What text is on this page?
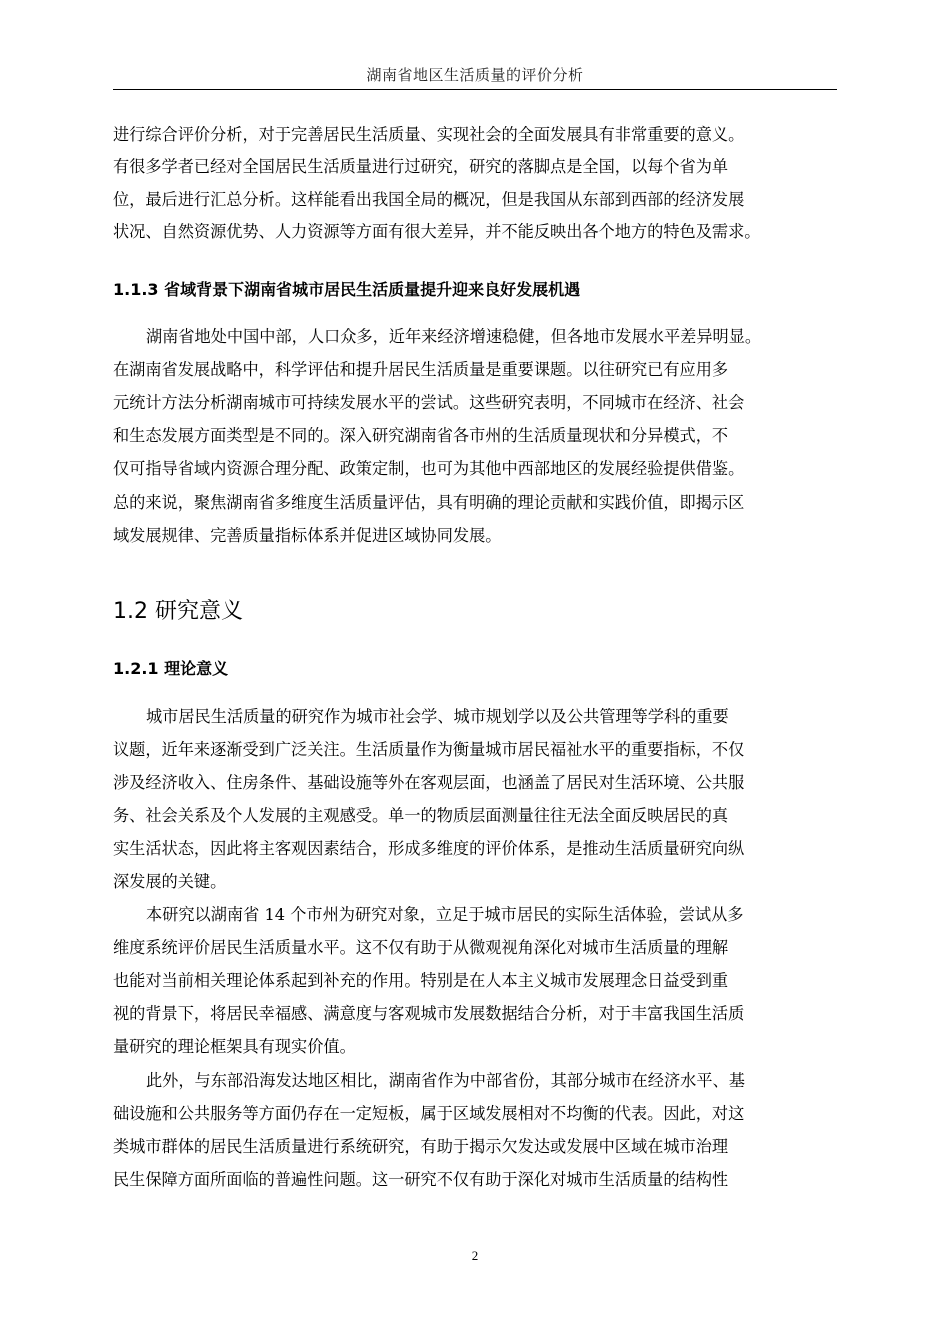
湖南省地区生活质量的评价分析
进行综合评价分析，对于完善居民生活质量、实现社会的全面发展具有非常重要的意义。
有很多学者已经对全国居民生活质量进行过研究，研究的落脚点是全国，以每个省为单
位，最后进行汇总分析。这样能看出我国全局的概况，但是我国从东部到西部的经济发展
状况、自然资源优势、人力资源等方面有很大差异，并不能反映出各个地方的特色及需求。
1.1.3 省域背景下湖南省城市居民生活质量提升迎来良好发展机遇
湖南省地处中国中部，人口众多，近年来经济增速稳健，但各地市发展水平差异明显。
在湖南省发展战略中，科学评估和提升居民生活质量是重要课题。以往研究已有应用多
元统计方法分析湖南城市可持续发展水平的尝试。这些研究表明，不同城市在经济、社会
和生态发展方面类型是不同的。深入研究湖南省各市州的生活质量现状和分异模式，不
仅可指导省域内资源合理分配、政策定制，也可为其他中西部地区的发展经验提供借鉴。
总的来说，聚焦湖南省多维度生活质量评估，具有明确的理论贡献和实践价值，即揭示区
域发展规律、完善质量指标体系并促进区域协同发展。
1.2 研究意义
1.2.1 理论意义
城市居民生活质量的研究作为城市社会学、城市规划学以及公共管理等学科的重要
议题，近年来逐渐受到广泛关注。生活质量作为衡量城市居民福祉水平的重要指标，不仅
涉及经济收入、住房条件、基础设施等外在客观层面，也涵盖了居民对生活环境、公共服
务、社会关系及个人发展的主观感受。单一的物质层面测量往往无法全面反映居民的真
实生活状态，因此将主客观因素结合，形成多维度的评价体系，是推动生活质量研究向纵
深发展的关键。
本研究以湖南省 14 个市州为研究对象，立足于城市居民的实际生活体验，尝试从多
维度系统评价居民生活质量水平。这不仅有助于从微观视角深化对城市生活质量的理解
也能对当前相关理论体系起到补充的作用。特别是在人本主义城市发展理念日益受到重
视的背景下，将居民幸福感、满意度与客观城市发展数据结合分析，对于丰富我国生活质
量研究的理论框架具有现实价值。
此外，与东部沿海发达地区相比，湖南省作为中部省份，其部分城市在经济水平、基
础设施和公共服务等方面仍存在一定短板，属于区域发展相对不均衡的代表。因此，对这
类城市群体的居民生活质量进行系统研究，有助于揭示欠发达或发展中区域在城市治理
民生保障方面所面临的普遍性问题。这一研究不仅有助于深化对城市生活质量的结构性
2
